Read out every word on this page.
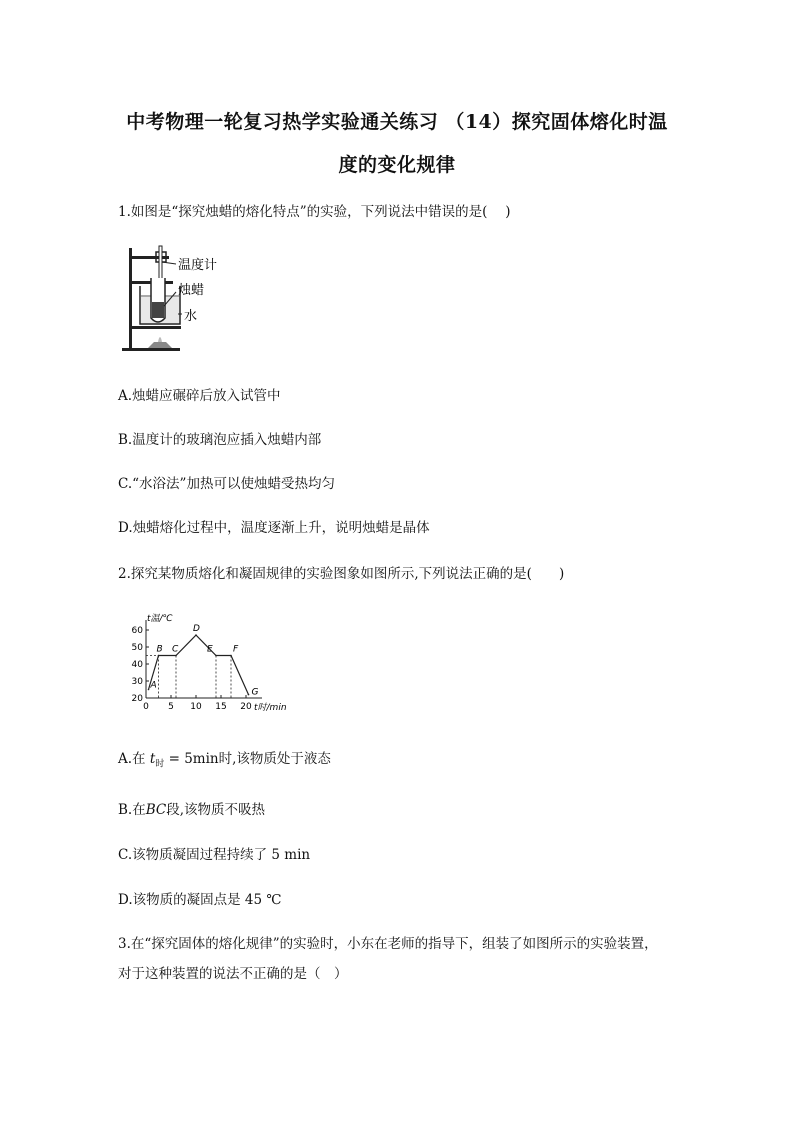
中考物理一轮复习热学实验通关练习 （14）探究固体熔化时温
度的变化规律
1.如图是“探究烛蜡的熔化特点”的实验，下列说法中错误的是(　 )
温度计
烛蜡
水
A.烛蜡应碾碎后放入试管中
B.温度计的玻璃泡应插入烛蜡内部
C.“水浴法”加热可以使烛蜡受热均匀
D.烛蜡熔化过程中，温度逐渐上升，说明烛蜡是晶体
2.探究某物质熔化和凝固规律的实验图象如图所示,下列说法正确的是(　　)
60
50
40
30
20
0 5 10 15 20
t温/℃
t时/min
A
B C
D
E F
G
A.在 $t_时 = 5\min$时,该物质处于液态
B.在BC段,该物质不吸热
C.该物质凝固过程持续了 5 min
D.该物质的凝固点是 45 ℃
3.在“探究固体的熔化规律”的实验时，小东在老师的指导下，组装了如图所示的实验装置，
对于这种装置的说法不正确的是（　）
